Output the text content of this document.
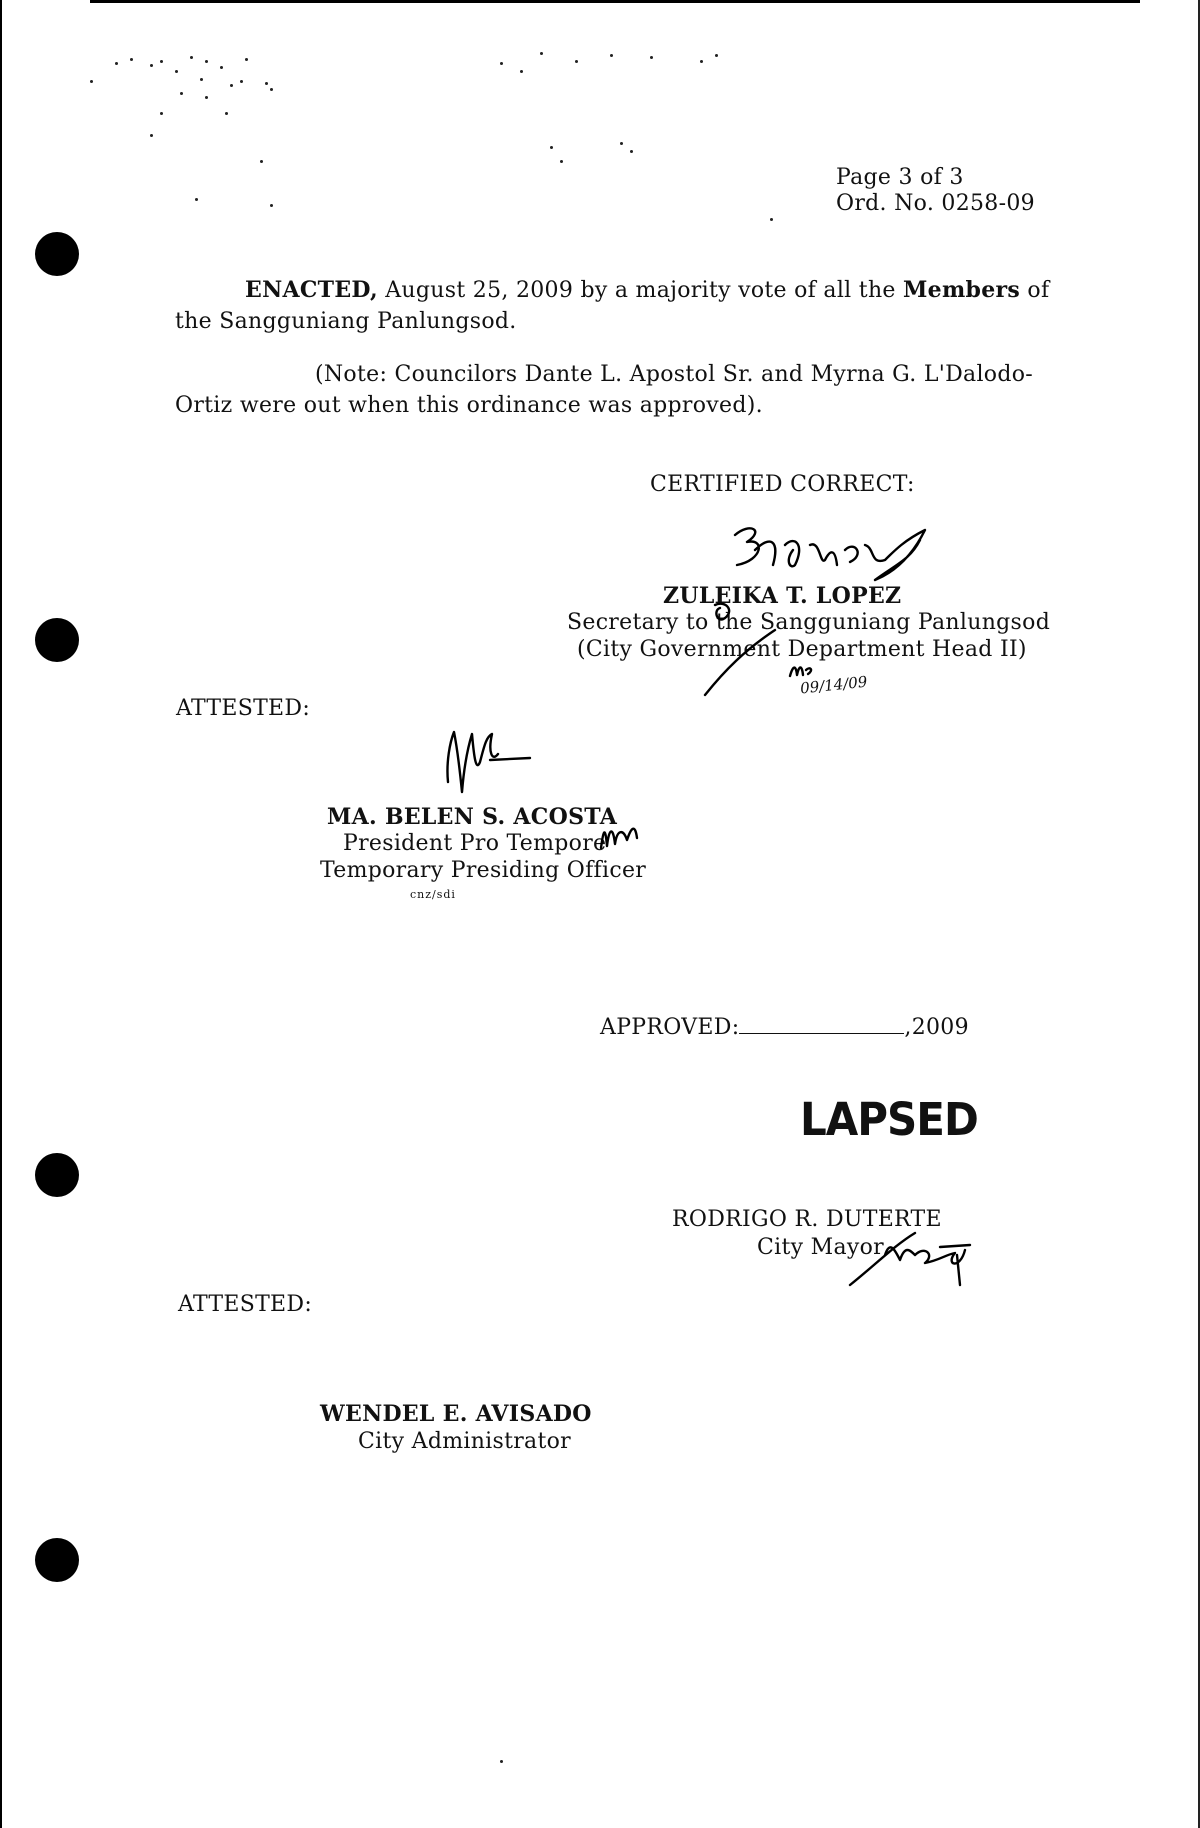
Page 3 of 3
Ord. No. 0258-09
ENACTED, August 25, 2009 by a majority vote of all the Members of
the Sangguniang Panlungsod.
(Note: Councilors Dante L. Apostol Sr. and Myrna G. L'Dalodo-
Ortiz were out when this ordinance was approved).
CERTIFIED CORRECT:
ZULEIKA T. LOPEZ
Secretary to the Sangguniang Panlungsod
(City Government Department Head II)
09/14/09
ATTESTED:
MA. BELEN S. ACOSTA
President Pro Tempore
Temporary Presiding Officer
cnz/sdi
APPROVED:	,2009
LAPSED
RODRIGO R. DUTERTE
City Mayor
ATTESTED:
WENDEL E. AVISADO
City Administrator
